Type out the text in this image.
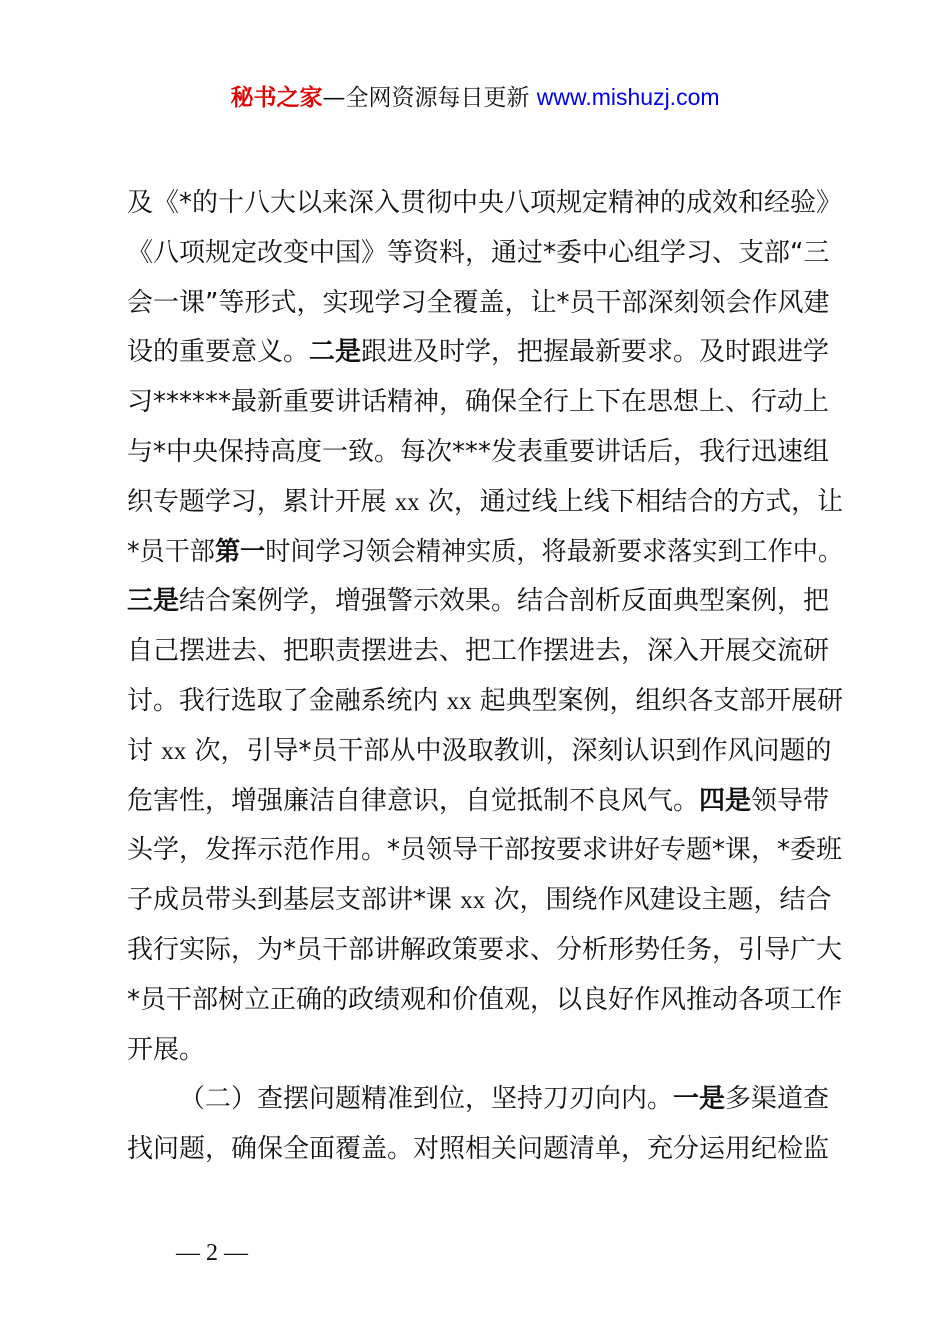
秘书之家—全网资源每日更新 www.mishuzj.com
及《*的十八大以来深入贯彻中央八项规定精神的成效和经验》
《八项规定改变中国》等资料，通过*委中心组学习、支部“三
会一课”等形式，实现学习全覆盖，让*员干部深刻领会作风建
设的重要意义。二是跟进及时学，把握最新要求。及时跟进学
习******最新重要讲话精神，确保全行上下在思想上、行动上
与*中央保持高度一致。每次***发表重要讲话后，我行迅速组
织专题学习，累计开展 xx 次，通过线上线下相结合的方式，让
*员干部第一时间学习领会精神实质，将最新要求落实到工作中。
三是结合案例学，增强警示效果。结合剖析反面典型案例，把
自己摆进去、把职责摆进去、把工作摆进去，深入开展交流研
讨。我行选取了金融系统内 xx 起典型案例，组织各支部开展研
讨 xx 次，引导*员干部从中汲取教训，深刻认识到作风问题的
危害性，增强廉洁自律意识，自觉抵制不良风气。四是领导带
头学，发挥示范作用。*员领导干部按要求讲好专题*课，*委班
子成员带头到基层支部讲*课 xx 次，围绕作风建设主题，结合
我行实际，为*员干部讲解政策要求、分析形势任务，引导广大
*员干部树立正确的政绩观和价值观，以良好作风推动各项工作
开展。
（二）查摆问题精准到位，坚持刀刃向内。一是多渠道查
找问题，确保全面覆盖。对照相关问题清单，充分运用纪检监
— 2 —
